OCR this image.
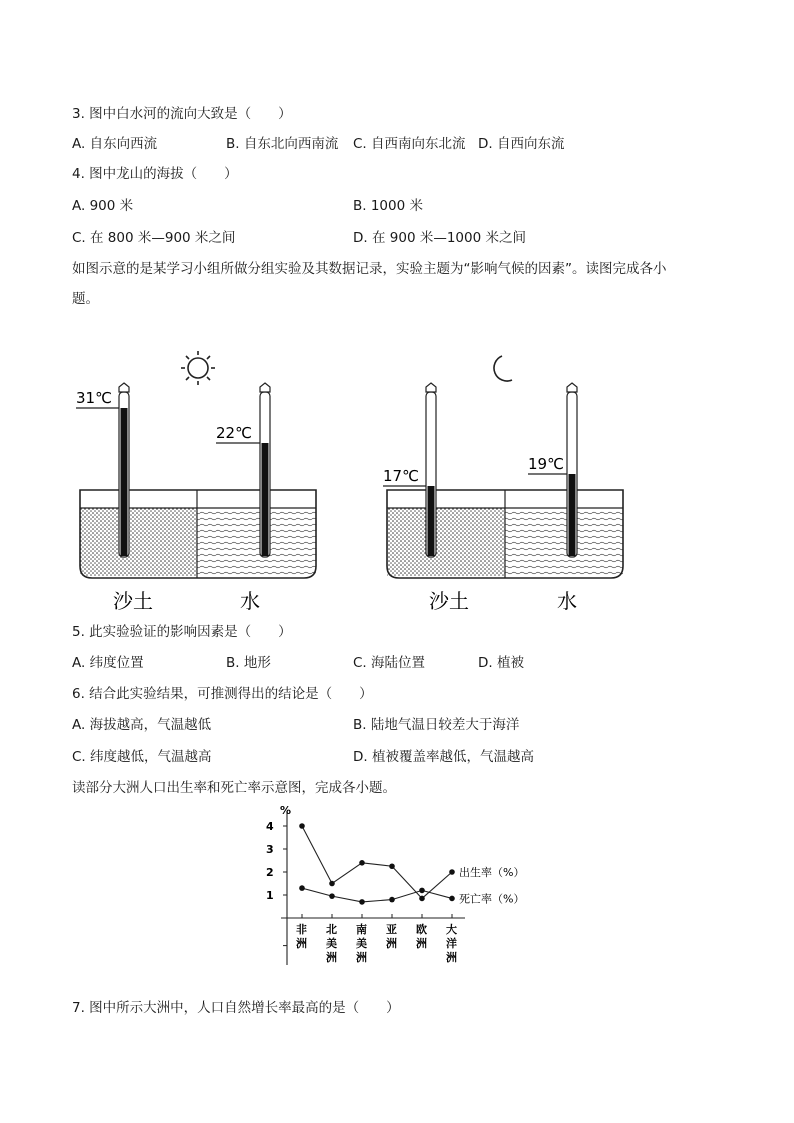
3. 图中白水河的流向大致是（　　）
A. 自东向西流	B. 自东北向西南流 C. 自西南向东北流 D. 自西向东流
4. 图中龙山的海拔（　　）
A. 900 米	B. 1000 米
C. 在 800 米—900 米之间	D. 在 900 米—1000 米之间
如图示意的是某学习小组所做分组实验及其数据记录，实验主题为“影响气候的因素”。读图完成各小
题。
31℃
22℃
17℃
19℃
沙土	水	沙土	水
5. 此实验验证的影响因素是（　　）
A. 纬度位置	B. 地形	C. 海陆位置	D. 植被
6. 结合此实验结果，可推测得出的结论是（　　）
A. 海拔越高，气温越低	B. 陆地气温日较差大于海洋
C. 纬度越低，气温越高	D. 植被覆盖率越低，气温越高
读部分大洲人口出生率和死亡率示意图，完成各小题。
%
1
2
3
4
非
洲
北
美
洲
南
美
洲
亚
洲
欧
洲
大
洋
洲
出生率（%）
死亡率（%）
7. 图中所示大洲中，人口自然增长率最高的是（　　）
